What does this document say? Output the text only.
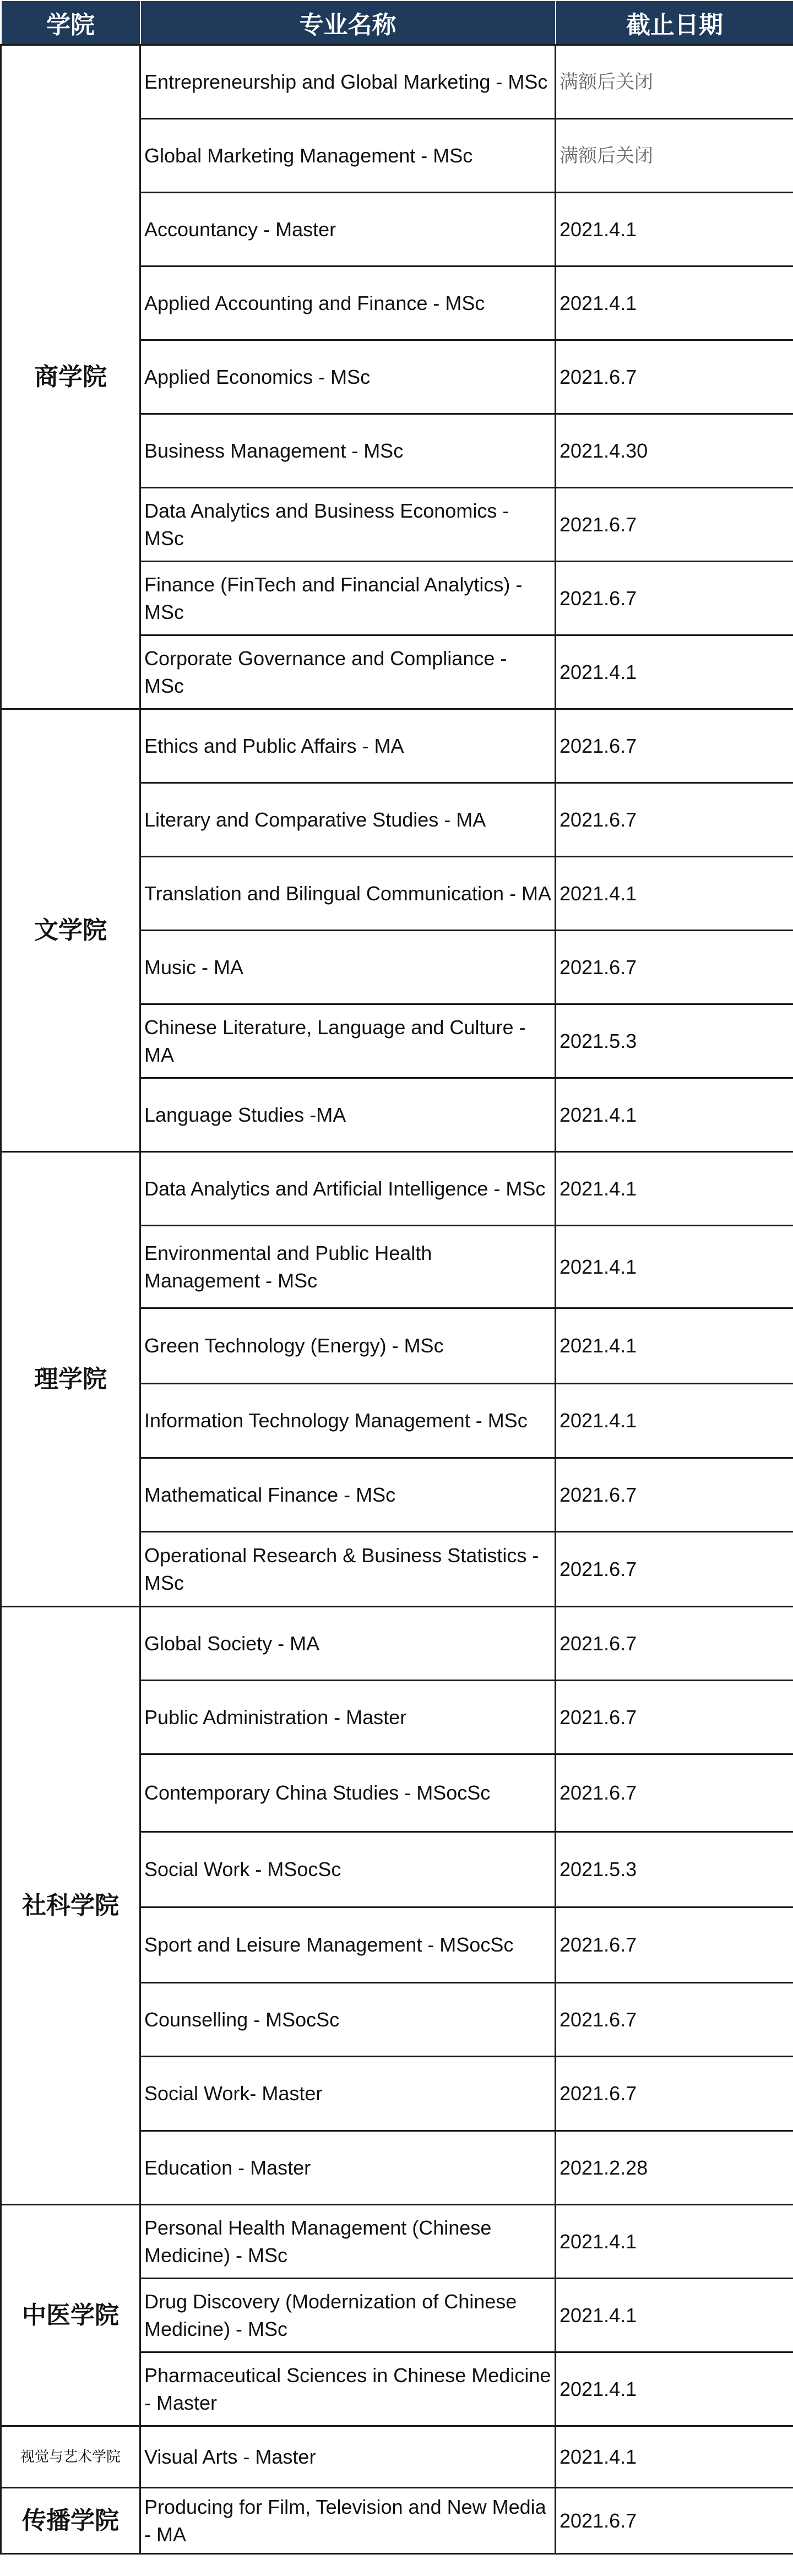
学院	专业名称	截止日期
商学院	Entrepreneurship and Global Marketing - MSc	满额后关闭
	Global Marketing Management - MSc	满额后关闭
	Accountancy - Master	2021.4.1
	Applied Accounting and Finance - MSc	2021.4.1
	Applied Economics - MSc	2021.6.7
	Business Management - MSc	2021.4.30
	Data Analytics and Business Economics - MSc	2021.6.7
	Finance (FinTech and Financial Analytics) - MSc	2021.6.7
	Corporate Governance and Compliance - MSc	2021.4.1
文学院	Ethics and Public Affairs - MA	2021.6.7
	Literary and Comparative Studies - MA	2021.6.7
	Translation and Bilingual Communication - MA	2021.4.1
	Music - MA	2021.6.7
	Chinese Literature, Language and Culture - MA	2021.5.3
	Language Studies -MA	2021.4.1
理学院	Data Analytics and Artificial Intelligence - MSc	2021.4.1
	Environmental and Public Health Management - MSc	2021.4.1
	Green Technology (Energy) - MSc	2021.4.1
	Information Technology Management - MSc	2021.4.1
	Mathematical Finance - MSc	2021.6.7
	Operational Research & Business Statistics - MSc	2021.6.7
社科学院	Global Society - MA	2021.6.7
	Public Administration - Master	2021.6.7
	Contemporary China Studies - MSocSc	2021.6.7
	Social Work - MSocSc	2021.5.3
	Sport and Leisure Management - MSocSc	2021.6.7
	Counselling - MSocSc	2021.6.7
	Social Work- Master	2021.6.7
	Education - Master	2021.2.28
中医学院	Personal Health Management (Chinese Medicine) - MSc	2021.4.1
	Drug Discovery (Modernization of Chinese Medicine) - MSc	2021.4.1
	Pharmaceutical Sciences in Chinese Medicine - Master	2021.4.1
视觉与艺术学院	Visual Arts - Master	2021.4.1
传播学院	Producing for Film, Television and New Media - MA	2021.6.7
